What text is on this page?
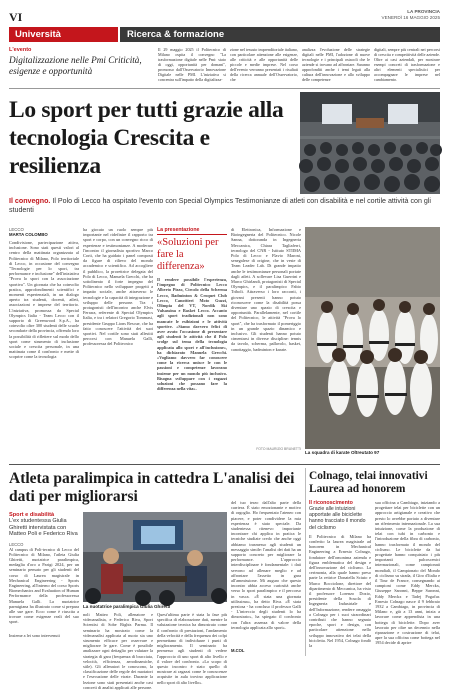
VI	LA PROVINCIA
VENERDÌ 16 MAGGIO 2025
Università	Ricerca & formazione
L'evento
Digitalizzazione nelle Pmi Criticità, esigenze e opportunità
Il 29 maggio 2025 il Politecnico di Milano ospita il convegno "La trasformazione digitale nelle Pmi: stato di oggi, opportunità per domani", promosso dall'Osservatorio Innovazione Digitale nelle PMI. L'iniziativa si concentra sull'impatto della digitalizza-
zione nel tessuto imprenditoriale italiano, con particolare attenzione alle esigenze, alle criticità e alle opportunità delle piccole e medie imprese. Nel corso dell'evento verranno presentati i risultati della ricerca annuale dell'Osservatorio, che
analizza l'evoluzione delle strategie digitali nelle PMI, l'adozione di nuove tecnologie e i principali ostacoli che le aziende si trovano ad affrontare. Saranno approfonditi anche i temi legati alla cultura dell'innovazione e allo sviluppo delle competenze
digitali, sempre più centrali nei percorsi di crescita e competitività delle aziende. Oltre ai casi aziendali, per mostrare esempi concreti di trasformazione e altri elementi specialistici per accompagnare le imprese nel cambiamento.
Lo sport per tutti grazie alla tecnologia Crescita e resilienza
Il convegno. Il Polo di Lecco ha ospitato l'evento con Special Olympics Testimonianze di atleti con disabilità e nel cortile attività con gli studenti
LECCO
MARTA COLOMBO
Condivisione, partecipazione attiva, inclusione. Sono stati questi valori al centro della mattinata organizzata al Politecnico di Milano, Polo territoriale di Lecco, in occasione del convegno "Tecnologie per lo sport, tra performance e inclusione" dell'iniziativa "Prova lo sport con la associazione sportiva". Un giornata che ha coinvolto pratica, approfondimenti scientifici e momenti esperienziali, in un dialogo aperto tra studenti, docenti, atleti, associazioni e imprese del territorio. L'iniziativa, promossa da Special Olympics Italia - Team Lecco con il supporto di Greenwood S.p.A., ha coinvolto oltre 300 studenti delle scuole secondarie della provincia, offrendo loro la possibilità di riflettere sul modo dello sport come strumento di inclusione sociale e crescita personale, in una mattinata come il confronto e mette di scoprire come la tecnologia
ha giocato un ruolo sempre più importante nel ridefinire il rapporto tra sport e corpo, con un convegno ricco di esperienze e testimonianze. A moderare l'incontro il giornalista sportivo Marco Corti, che ha guidato i panel composti da figure di rilievo del mondo accademico e scientifico. Ad accogliere il pubblico, la prorettrice delegata del Polo di Lecco, Manuela Grecchi, che ha sottolineato il forte impegno del Politecnico nello sviluppare progetti a impatto sociale, anche attraverso le tecnologie e la capacità di integrazione e sviluppo delle persone. Tra i protagonisti dell'incontro anche Elvis Ferrara, referente di Special Olympics Italia, e tra i relatori Gregorio Tommasi, presidente Gruppo Lions Rescue, che ha fatto conoscere l'attività dei suoi sportivi. Nel cortile sono stati allestiti percorsi con Manuela Galli, professoressa del Politecnico
La presentazione
«Soluzioni per fare la differenza»
Il rendere possibile l'esperienza, l'impegno di Politecnico Lecco Alberto Pizzo, Circolo della Scherma Lecco, Badminton & Croquet Club Lecco, Canottieri Moto Guzzi, Olimpia del VT, Nordik Ski Valsassina e Basket Lecco. Accanto agli sport tradizionali non sono mancate le esibizioni e le attività sportive. «Siamo davvero felici di aver avuto l'occasione di presentare agli studenti le attività che il Polo svolge sul tema della tecnologia applicata allo sport e all'inclusione», ha dichiarato Manuela Grecchi. «Vogliamo davvero far conoscere come la ricerca unisce le con le passioni e competenze lavorano insieme per un mondo più inclusivo. Bisogna sviluppare con i ragazzi soluzioni che possano fare la differenza nella vita».
di Elettronica, Informazione e Bioingegneria del Politecnico. Nicole Sanna, dottoranda in Ingegneria Meccanica, Chiara Tagliaferri, tecnologo del CNR - Istituto STIIMA Polo di Lecco e Flavio Maroni, senegalese di origine, che in veste di Team Leader Lab. Di grande impatto anche le testimonianze personali portate dagli atleti. A sollevare Lisa Guerrini e Marco Ghirlandi, protagonisti di Special Olympics, e il paralimpico Fabio Triboli. Attraverso i loro racconti, i giovani presenti hanno potuto riconoscere come la disabilità possa diventare uno spazio di crescita e opportunità. Parallelamente, nel cortile del Politecnico, le attività "Prova lo sport", che ha trasformato il pomeriggio in un grande spazio dinamico e inclusivo. Gli studenti hanno potuto cimentarsi in diverse discipline: tennis da tavolo, scherma, pallavolo, basket, canottaggio, badminton e karate.
FOTO MAURIZIO BRUNETTI
La squadra di karate Oltreutato 97
Atleta paralimpica in cattedra L'analisi dei dati per migliorarsi
Sport e disabilità
L'ex studentessa Giulia Ghiretti intervistata con Matteo Poli e Federico Riva
LECCO
Al campus di Poli-tecnico di Lecco del Politecnico di Milano, l'atleta Giulia Ghiretti, nuotatrice paralimpica, medaglia d'oro a Parigi 2024, per un seminario pensato per gli studenti del corso di Laurea magistrale in Mechanical Engineering - Sports Engineering, all'interno del corso Sports Biomechanics and Evaluation of Human Performance della professoressa Manuela Galli. La nuotatrice parmigiana ha illustrato come si prepara alle sue gare. Ecco come è riuscita a trovare come esigenze reali del suo sport.
Insieme a lei sono intervenuti
La nuotatrice paralimpica Giulia Ghiretti
noli Matteo Poli, allenatore e videoanalista, e Federico Riva, Sport Scientist di Sobe Rights Parma. Il seminario ha mostrato come la videoanalisi applicata al nuoto sia uno strumento efficace per osservare e migliorare le gare. Come è possibile analizzare ogni dettaglio per valutare la strategia di gara (frequenza di bracciata, velocità, efficienza, aerodinamiche, stile). Gli allenatori le conoscono, la classificazione delle regole dei nuotatori e l'esecuzione delle virate. Durante la lezione sono stati presentati anche casi concreti di analisi applicati alle persone.
Quest'ultima parte è stata la fase più specifica di elaborazione dati, mentre la valutazione tecnica ha dimostrato come il confronto di prestazioni, l'andamento della velocità e della frequenza dei colpi permettano di individuare i punti di miglioramento. Il seminario ha permesso agli studenti di vedere l'approccio di uno sport di alto livello e il valore del confronto. «Lo scopo di questo incontro è stato quello di mostrare ai ragazzi come le conoscenze acquisite in aula trovino applicazione nello sport di alto livello».
del tuo terzo dall'alto parte della carriera. È stato emozionante e motivo di orgoglio. Ho frequentato l'ateneo con piacere, e poter condividere la mia esperienza è stato speciale. Da studentessa ritenevo importante incontrare chi applica in pratica le tecniche studiate credo che anche oggi abbiamo trasmesso agli studenti un messaggio simile: l'analisi dei dati ha un supporto concreto per migliorare la performance. L'approccio interdisciplinare è fondamentale: i dati servono ad allenare meglio e ad affrontare l'assetto in gara all'ammissione. Mi auguro che questo incontro abbia acceso curiosità anche verso lo sport paralimpico e il percorso in vasca. «È stata una giornata utilissima», ha detto Riva. «È stata preziosa - ha concluso il professor Galli - L'intreccio degli studenti lo ha dimostrato», ha spiegato il confronto con l'altra assenza di valore della tecnologia applicata allo sport».
M.COL
Colnago, telai innovativi Laurea ad honorem
Il riconoscimento
Grazie alle intuizioni apportate alle biciclette hanno tracciato il mondo del ciclismo
Il Politecnico di Milano ha conferito la laurea magistrale ad honorem in Mechanical Engineering a Ernesto Colnago, fondatore dell'omonima azienda e figura emblematica del design e dell'innovazione del ciclismo. La cerimonia, alla quale hanno preso parte la rettrice Donatella Sciuto e Marco Bocciolone, direttore del dipartimento di Meccanica, ha visto il professore Lorenzo Dozio, presidente della Scuola di Ingegneria Industriale e dell'Informazione, rendere omaggio a Colnago per i suoi straordinari contributi che hanno segnato epoche, sport e design, con particolare attenzione nello sviluppo innovativo dei telai della bicicletta. Nel 1954, Colnago fondò la
sua officina a Cambiago, iniziando a progettare telai per biciclette con un approccio artigianale e creativo che presto lo avrebbe portato a diventare un riferimento internazionale. La sua intuizione, come la produzione di telai con tubi in carbonio e l'introduzione della fibra di carbonio, hanno trasformato il mondo del ciclismo. Le biciclette da lui progettate hanno conquistato i più importanti palcoscenici internazionali, come campionati mondiali, il Campionato del Mondo di ciclismo su strada, il Giro d'Italia e il Tour de France, consegnando ai campioni come Eddy Merckx, Giuseppe Saronni, Beppe Saronni, Eddy Merckx e Tadej Pogačar. Ernesto Colnago nasce il 9 febbraio 1932 a Cambiago, in provincia di Milano e, già a 13 anni, inizia a lavorare come apprendista in una bottega di biciclette. Dopo aver lavorato per oltre un decennio nella riparazione e costruzione di telai, apre la sua officina come bottega nel 1954 decide di aprire
